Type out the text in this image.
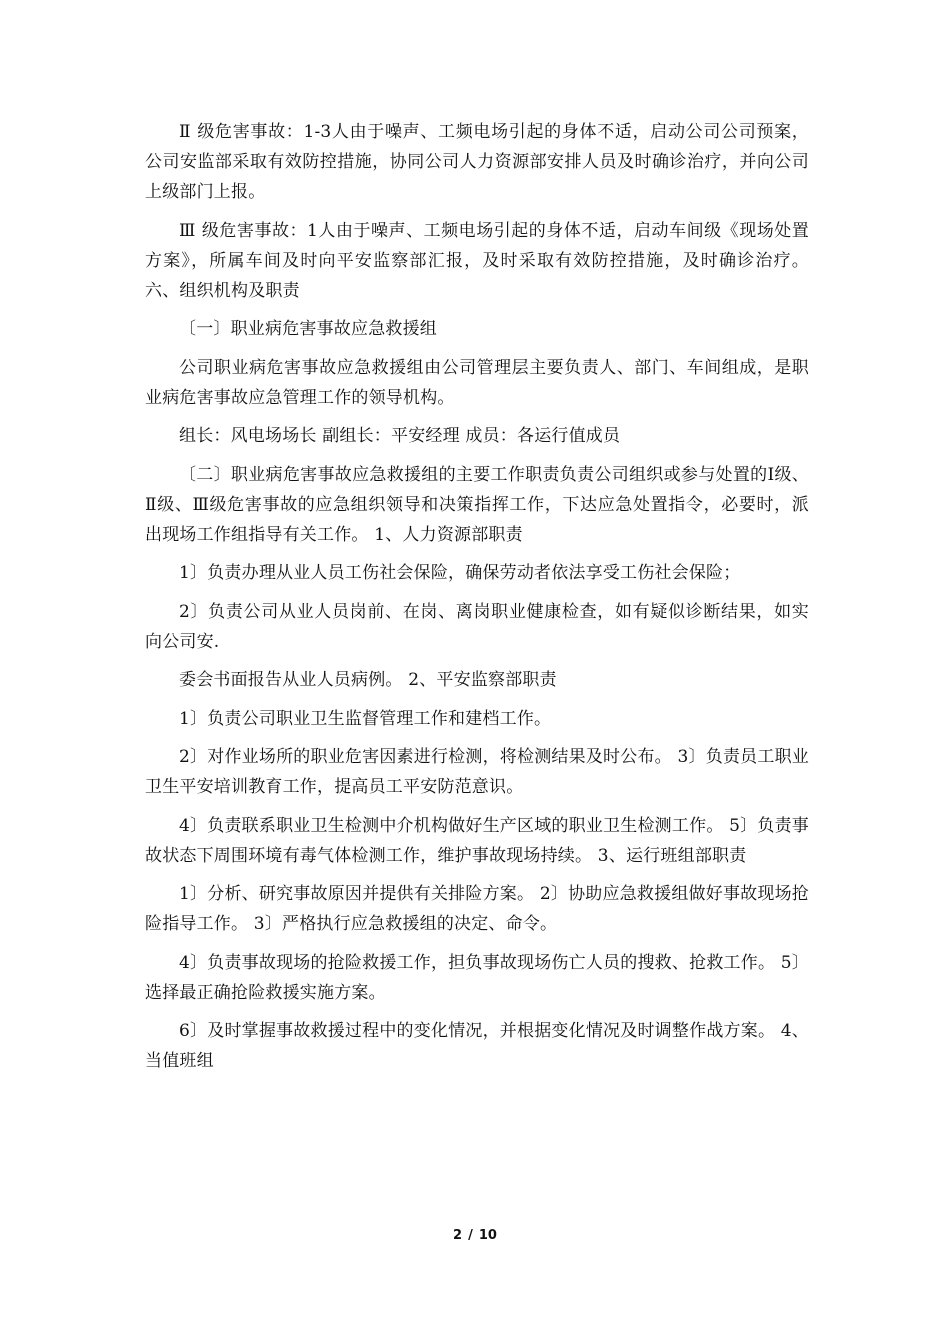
Ⅱ 级危害事故：1-3人由于噪声、工频电场引起的身体不适，启动公司公司预案，公司安监部采取有效防控措施，协同公司人力资源部安排人员及时确诊治疗，并向公司上级部门上报。

Ⅲ 级危害事故：1人由于噪声、工频电场引起的身体不适，启动车间级《现场处置方案》，所属车间及时向平安监察部汇报，及时采取有效防控措施，及时确诊治疗。 六、组织机构及职责

〔一〕职业病危害事故应急救援组

公司职业病危害事故应急救援组由公司管理层主要负责人、部门、车间组成，是职业病危害事故应急管理工作的领导机构。

组长：风电场场长 副组长：平安经理 成员：各运行值成员

〔二〕职业病危害事故应急救援组的主要工作职责负责公司组织或参与处置的Ⅰ级、Ⅱ级、Ⅲ级危害事故的应急组织领导和决策指挥工作，下达应急处置指令，必要时，派出现场工作组指导有关工作。 1、人力资源部职责

1〕负责办理从业人员工伤社会保险，确保劳动者依法享受工伤社会保险；

2〕负责公司从业人员岗前、在岗、离岗职业健康检查，如有疑似诊断结果，如实向公司安.

委会书面报告从业人员病例。 2、平安监察部职责

1〕负责公司职业卫生监督管理工作和建档工作。

2〕对作业场所的职业危害因素进行检测，将检测结果及时公布。 3〕负责员工职业卫生平安培训教育工作，提高员工平安防范意识。

4〕负责联系职业卫生检测中介机构做好生产区域的职业卫生检测工作。 5〕负责事故状态下周围环境有毒气体检测工作，维护事故现场持续。 3、运行班组部职责

1〕分析、研究事故原因并提供有关排险方案。 2〕协助应急救援组做好事故现场抢险指导工作。 3〕严格执行应急救援组的决定、命令。

4〕负责事故现场的抢险救援工作，担负事故现场伤亡人员的搜救、抢救工作。 5〕选择最正确抢险救援实施方案。

6〕及时掌握事故救援过程中的变化情况，并根据变化情况及时调整作战方案。 4、当值班组

2 / 10
